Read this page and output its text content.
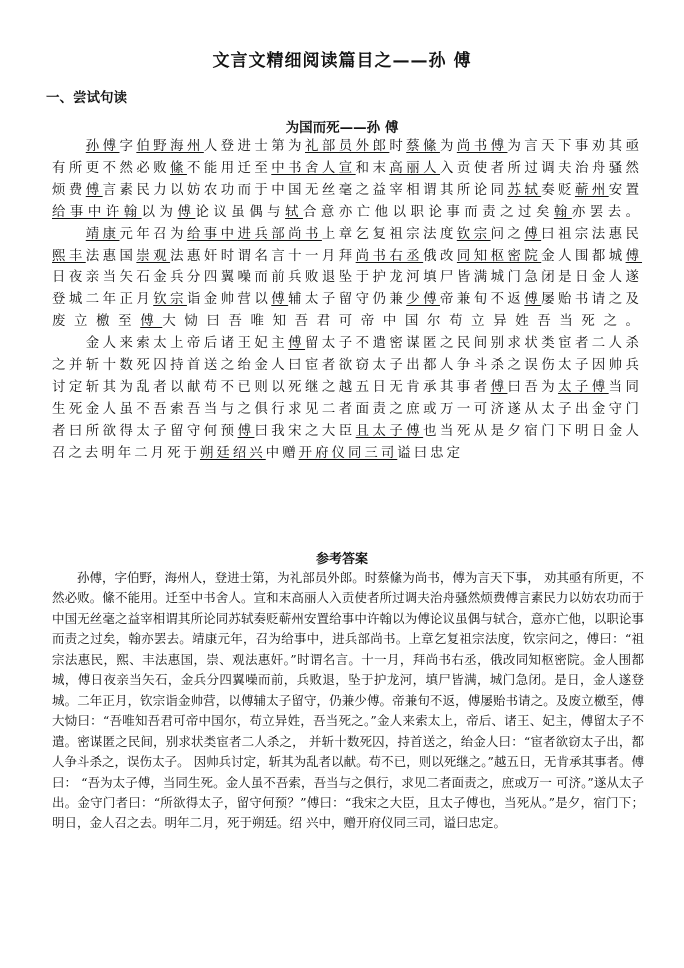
文言文精细阅读篇目之——孙 傅
一、尝试句读
为国而死——孙 傅

　　孙傅字伯野海州人登进士第为礼部员外郎时蔡絛为尚书傅为言天下事劝其亟有所更不然必败絛不能用迁至中书舍人宣和末高丽人入贡使者所过调夫治舟骚然烦费傅言素民力以妨农功而于中国无丝毫之益宰相谓其所论同苏轼奏贬蕲州安置给事中许翰以为傅论议虽偶与轼合意亦亡他以职论事而责之过矣翰亦罢去。

　　靖康元年召为给事中进兵部尚书上章乞复祖宗法度钦宗问之傅曰祖宗法惠民熙丰法惠国崇观法惠奸时谓名言十一月拜尚书右丞俄改同知枢密院金人围都城傅日夜亲当矢石金兵分四翼噪而前兵败退坠于护龙河填尸皆满城门急闭是日金人遂登城二年正月钦宗诣金帅营以傅辅太子留守仍兼少傅帝兼旬不返傅屡贻书请之及废立檄至傅大恸曰吾唯知吾君可帝中国尔苟立异姓吾当死之。

　　金人来索太上帝后诸王妃主傅留太子不遣密谋匿之民间别求状类宦者二人杀之并斩十数死囚持首送之绐金人曰宦者欲窃太子出都人争斗杀之误伤太子因帅兵讨定斩其为乱者以献苟不已则以死继之越五日无肯承其事者傅曰吾为太子傅当同生死金人虽不吾索吾当与之俱行求见二者面责之庶或万一可济遂从太子出金守门者曰所欲得太子留守何预傅曰我宋之大臣且太子傅也当死从是夕宿门下明日金人召之去明年二月死于朔廷绍兴中赠开府仪同三司谥曰忠定

参考答案
孙傅，字伯野，海州人，登进士第，为礼部员外郎。时蔡絛为尚书，傅为言天下事， 劝其亟有所更，不然必败。絛不能用。迁至中书舍人。宣和末高丽人入贡使者所过调夫治舟骚然烦费傅言素民力以妨农功而于中国无丝毫之益宰相谓其所论同苏轼奏贬蕲州安置给事中许翰以为傅论议虽偶与轼合，意亦亡他，以职论事而责之过矣，翰亦罢去。靖康元年，召为给事中，进兵部尚书。上章乞复祖宗法度，钦宗问之，傅曰：“祖宗法惠民，熙、丰法惠国，崇、观法惠奸。”时谓名言。十一月，拜尚书右丞，俄改同知枢密院。金人围都城，傅日夜亲当矢石，金兵分四翼噪而前，兵败退，坠于护龙河，填尸皆满，城门急闭。是日，金人遂登城。二年正月，钦宗诣金帅营，以傅辅太子留守，仍兼少傅。帝兼旬不返，傅屡贻书请之。及废立檄至，傅大恸曰：“吾唯知吾君可帝中国尔，苟立异姓，吾当死之。”金人来索太上，帝后、诸王、妃主，傅留太子不遣。密谋匿之民间，别求状类宦者二人杀之， 并斩十数死囚，持首送之，绐金人曰：“宦者欲窃太子出，都人争斗杀之，误伤太子。 因帅兵讨定，斩其为乱者以献。苟不已，则以死继之。”越五日，无肯承其事者。傅曰： “吾为太子傅，当同生死。金人虽不吾索，吾当与之俱行，求见二者面责之，庶或万一 可济。”遂从太子出。金守门者曰：“所欲得太子，留守何预？”傅曰：“我宋之大臣，且太子傅也，当死从。”是夕，宿门下；明日，金人召之去。明年二月，死于朔廷。绍 兴中，赠开府仪同三司，谥曰忠定。
